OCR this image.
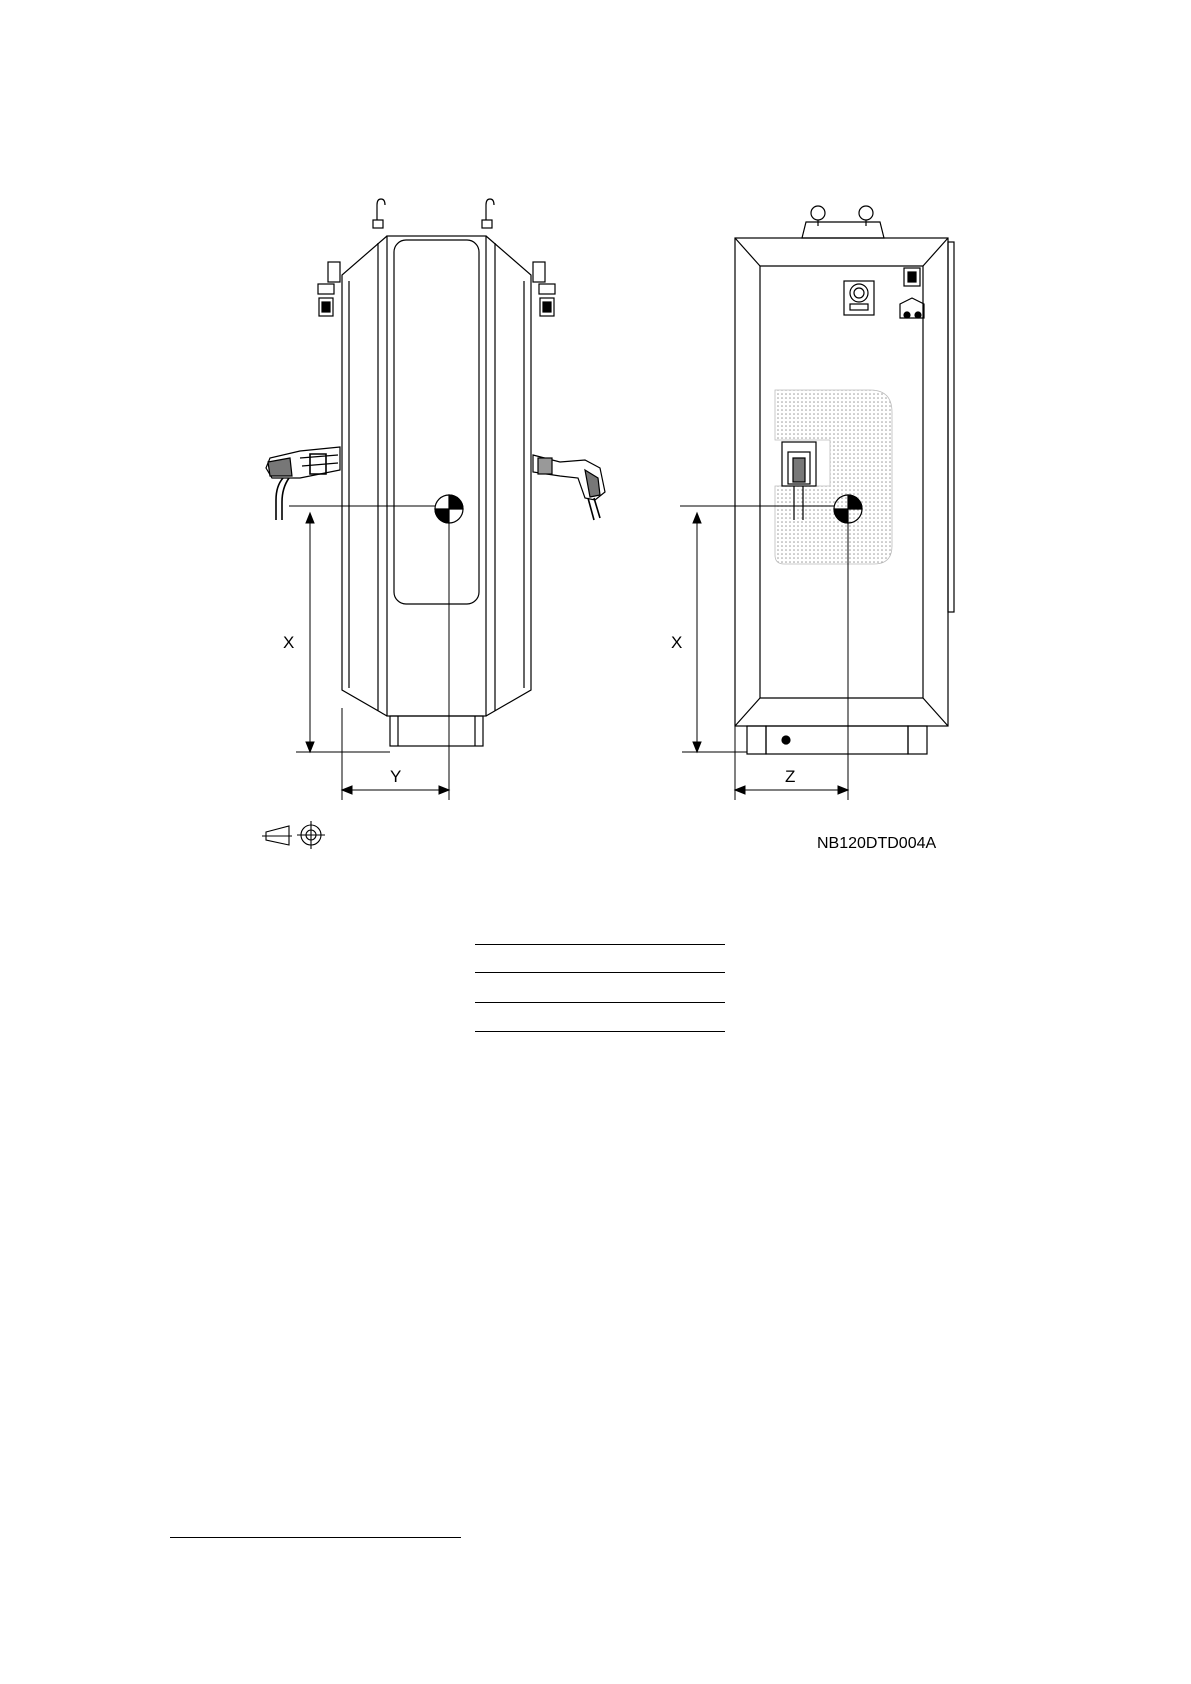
X
Y
X
Z
NB120DTD004A
